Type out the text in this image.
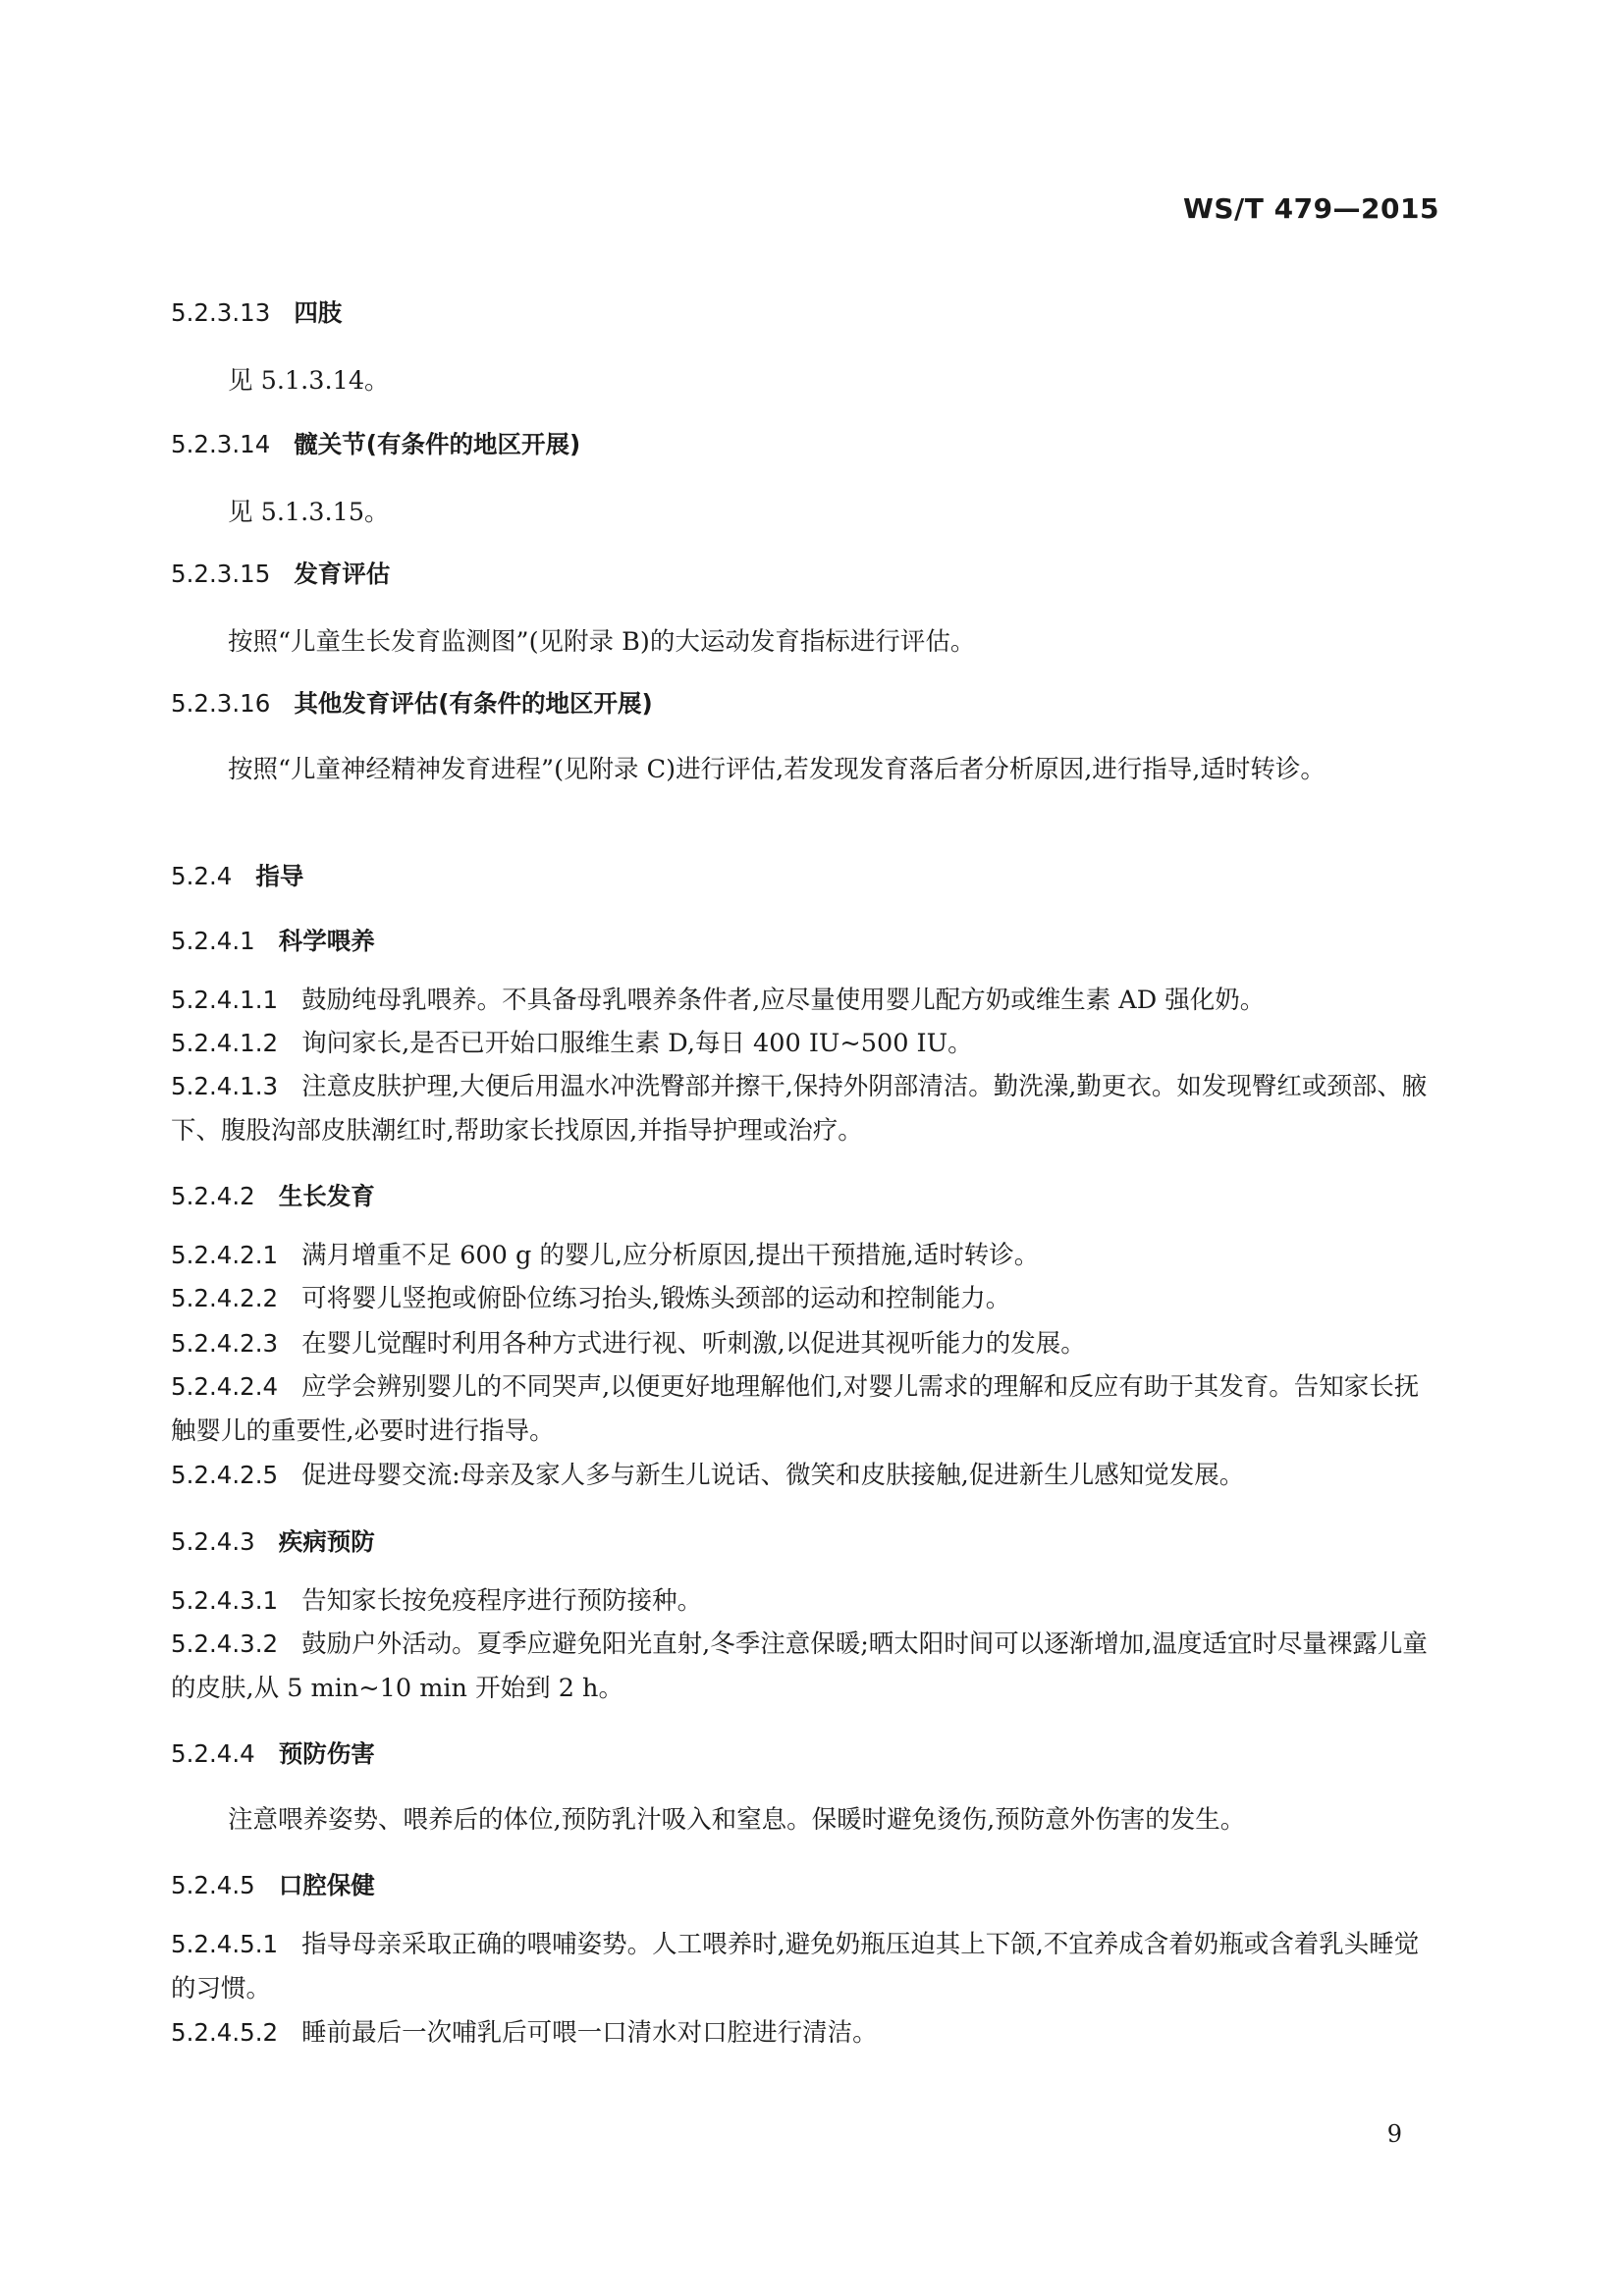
WS/T 479—2015
5.2.3.13 四肢
见 5.1.3.14。
5.2.3.14 髋关节(有条件的地区开展)
见 5.1.3.15。
5.2.3.15 发育评估
按照“儿童生长发育监测图”(见附录 B)的大运动发育指标进行评估。
5.2.3.16 其他发育评估(有条件的地区开展)
按照“儿童神经精神发育进程”(见附录 C)进行评估,若发现发育落后者分析原因,进行指导,适时转诊。
5.2.4 指导
5.2.4.1 科学喂养
5.2.4.1.1 鼓励纯母乳喂养。不具备母乳喂养条件者,应尽量使用婴儿配方奶或维生素 AD 强化奶。
5.2.4.1.2 询问家长,是否已开始口服维生素 D,每日 400 IU~500 IU。
5.2.4.1.3 注意皮肤护理,大便后用温水冲洗臀部并擦干,保持外阴部清洁。勤洗澡,勤更衣。如发现臀红或颈部、腋下、腹股沟部皮肤潮红时,帮助家长找原因,并指导护理或治疗。
5.2.4.2 生长发育
5.2.4.2.1 满月增重不足 600 g 的婴儿,应分析原因,提出干预措施,适时转诊。
5.2.4.2.2 可将婴儿竖抱或俯卧位练习抬头,锻炼头颈部的运动和控制能力。
5.2.4.2.3 在婴儿觉醒时利用各种方式进行视、听刺激,以促进其视听能力的发展。
5.2.4.2.4 应学会辨别婴儿的不同哭声,以便更好地理解他们,对婴儿需求的理解和反应有助于其发育。告知家长抚触婴儿的重要性,必要时进行指导。
5.2.4.2.5 促进母婴交流:母亲及家人多与新生儿说话、微笑和皮肤接触,促进新生儿感知觉发展。
5.2.4.3 疾病预防
5.2.4.3.1 告知家长按免疫程序进行预防接种。
5.2.4.3.2 鼓励户外活动。夏季应避免阳光直射,冬季注意保暖;晒太阳时间可以逐渐增加,温度适宜时尽量裸露儿童的皮肤,从 5 min~10 min 开始到 2 h。
5.2.4.4 预防伤害
注意喂养姿势、喂养后的体位,预防乳汁吸入和窒息。保暖时避免烫伤,预防意外伤害的发生。
5.2.4.5 口腔保健
5.2.4.5.1 指导母亲采取正确的喂哺姿势。人工喂养时,避免奶瓶压迫其上下颌,不宜养成含着奶瓶或含着乳头睡觉的习惯。
5.2.4.5.2 睡前最后一次哺乳后可喂一口清水对口腔进行清洁。
9
